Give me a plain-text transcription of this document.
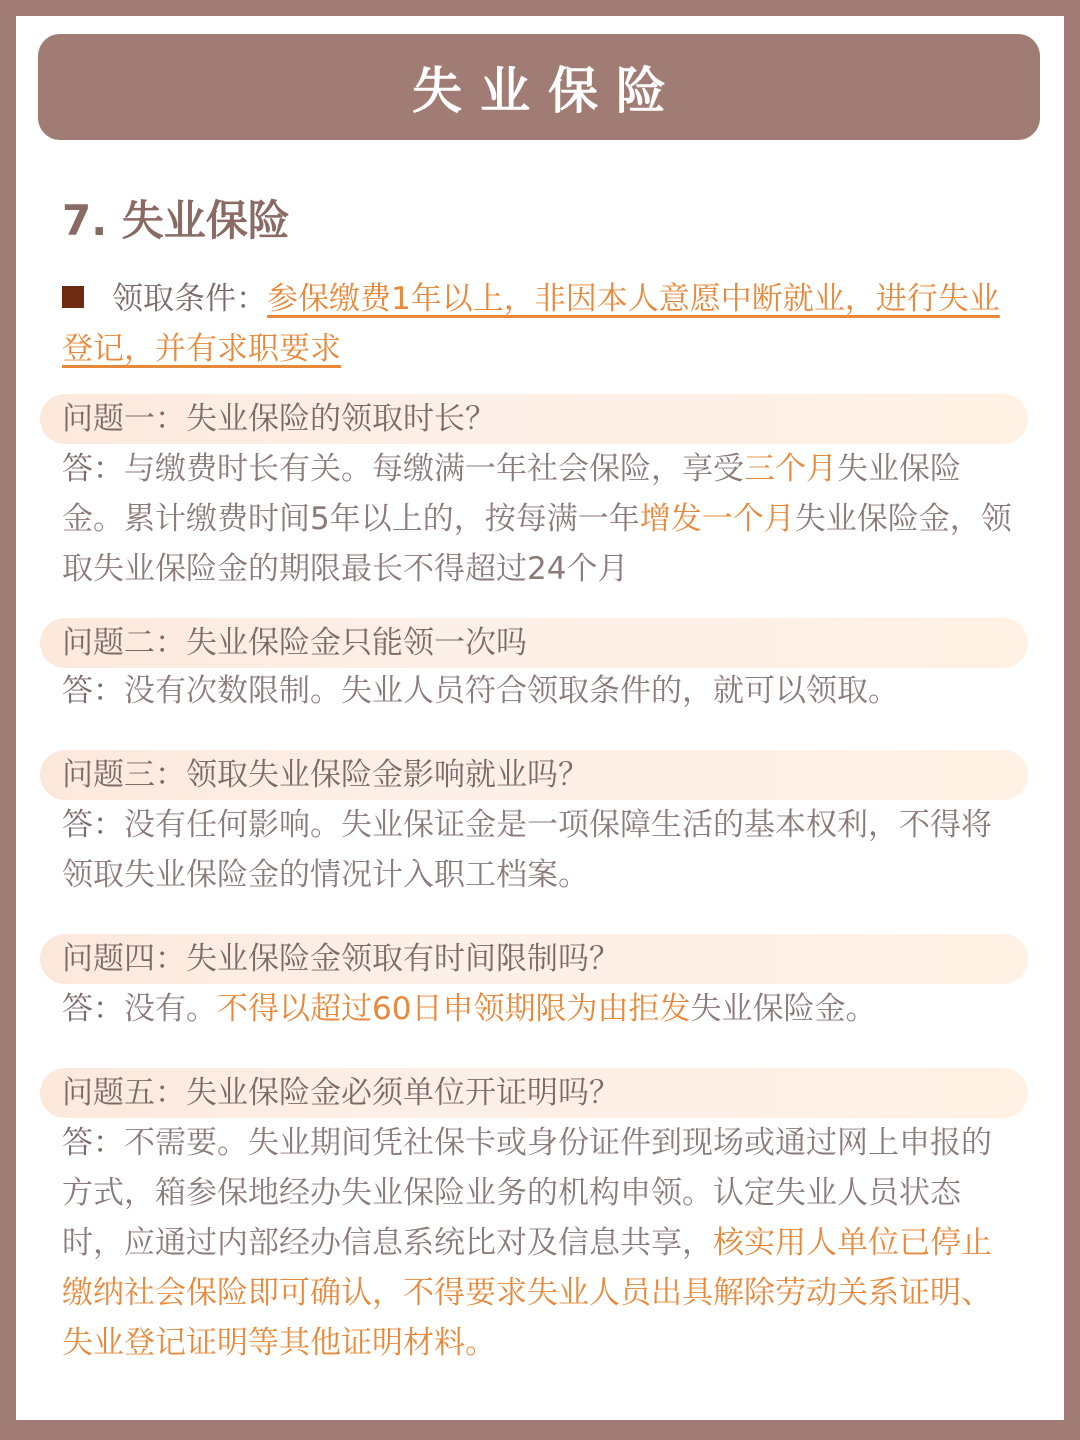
失业保险
7. 失业保险
领取条件：参保缴费1年以上，非因本人意愿中断就业，进行失业登记，并有求职要求
问题一：失业保险的领取时长？
答：与缴费时长有关。每缴满一年社会保险，享受三个月失业保险金。累计缴费时间5年以上的，按每满一年增发一个月失业保险金，领取失业保险金的期限最长不得超过24个月
问题二：失业保险金只能领一次吗
答：没有次数限制。失业人员符合领取条件的，就可以领取。
问题三：领取失业保险金影响就业吗？
答：没有任何影响。失业保证金是一项保障生活的基本权利，不得将领取失业保险金的情况计入职工档案。
问题四：失业保险金领取有时间限制吗？
答：没有。不得以超过60日申领期限为由拒发失业保险金。
问题五：失业保险金必须单位开证明吗？
答：不需要。失业期间凭社保卡或身份证件到现场或通过网上申报的方式，箱参保地经办失业保险业务的机构申领。认定失业人员状态时，应通过内部经办信息系统比对及信息共享，核实用人单位已停止缴纳社会保险即可确认，不得要求失业人员出具解除劳动关系证明、失业登记证明等其他证明材料。
